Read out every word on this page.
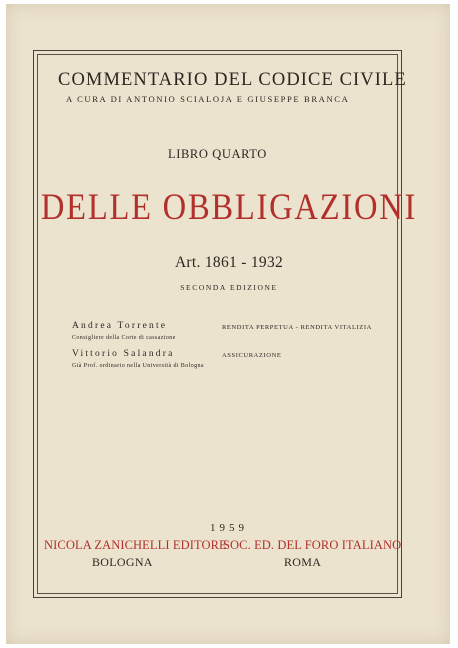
COMMENTARIO DEL CODICE CIVILE
A CURA DI ANTONIO SCIALOJA E GIUSEPPE BRANCA
LIBRO QUARTO
DELLE OBBLIGAZIONI
Art. 1861 - 1932
SECONDA EDIZIONE
Andrea Torrente
Consigliere della Corte di cassazione
RENDITA PERPETUA - RENDITA VITALIZIA
Vittorio Salandra
Già Prof. ordinario nella Università di Bologna
ASSICURAZIONE
1959
NICOLA ZANICHELLI EDITORE
SOC. ED. DEL FORO ITALIANO
BOLOGNA	ROMA
